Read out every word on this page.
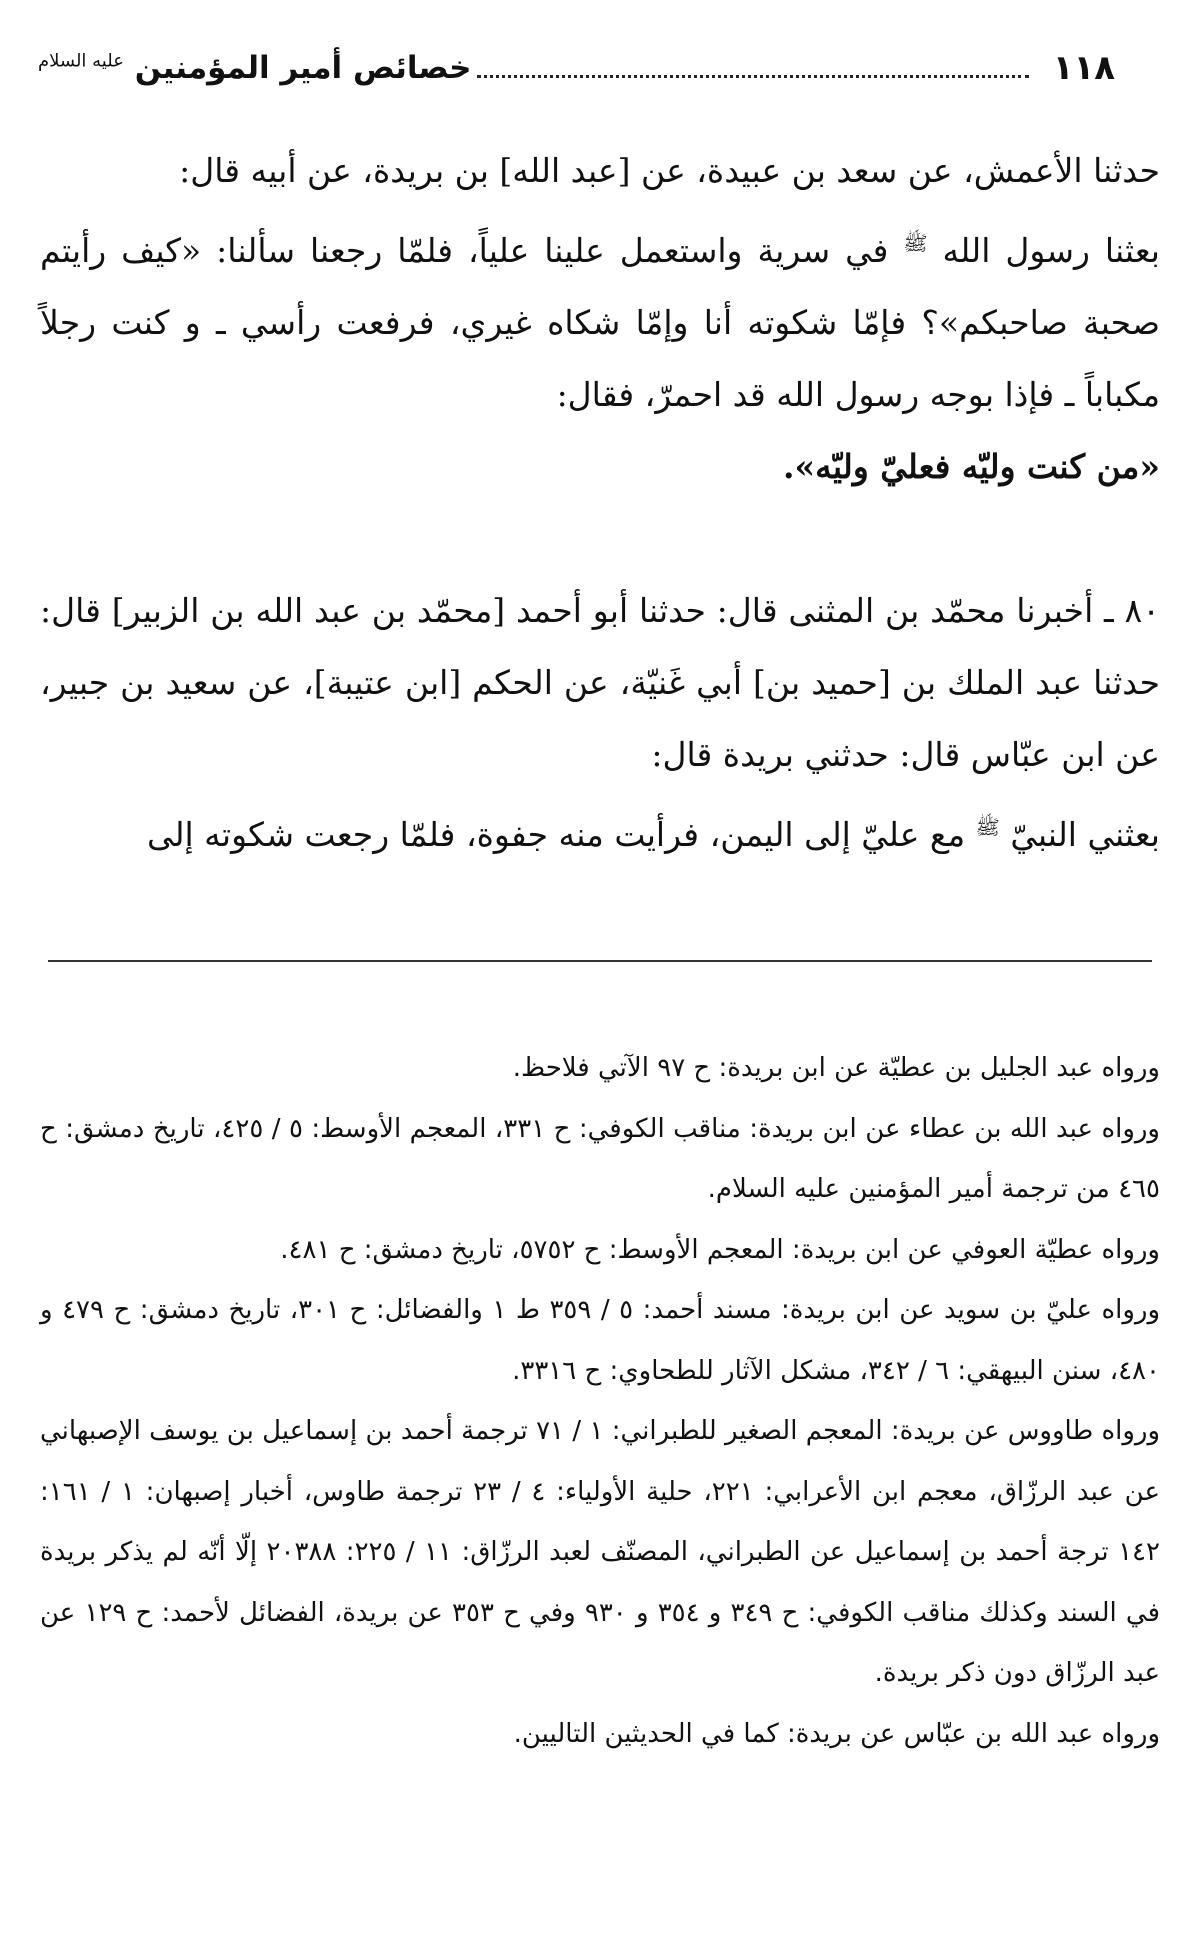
١١٨
خصائص أمير المؤمنين $^{عليه السلام}$

حدثنا الأعمش، عن سعد بن عبيدة، عن [عبد الله] بن بريدة، عن أبيه قال:

بعثنا رسول الله $^ﷺ$ في سرية واستعمل علينا علياً، فلمّا رجعنا سألنا: «كيف رأيتم صحبة صاحبكم»؟ فإمّا شكوته أنا وإمّا شكاه غيري، فرفعت رأسي ـ و كنت رجلاً مكباباً ـ فإذا بوجه رسول الله قد احمرّ، فقال:

«من كنت وليّه فعليّ وليّه».

٨٠ ـ أخبرنا محمّد بن المثنى قال: حدثنا أبو أحمد [محمّد بن عبد الله بن الزبير] قال: حدثنا عبد الملك بن [حميد بن] أبي غَنيّة، عن الحكم [ابن عتيبة]، عن سعيد بن جبير، عن ابن عبّاس قال: حدثني بريدة قال:

بعثني النبيّ $^ﷺ$ مع عليّ إلى اليمن، فرأيت منه جفوة، فلمّا رجعت شكوته إلى

ورواه عبد الجليل بن عطيّة عن ابن بريدة: ح ٩٧ الآتي فلاحظ.

ورواه عبد الله بن عطاء عن ابن بريدة: مناقب الكوفي: ح ٣٣١، المعجم الأوسط: ٥ / ٤٢٥، تاريخ دمشق: ح ٤٦٥ من ترجمة أمير المؤمنين عليه السلام.

ورواه عطيّة العوفي عن ابن بريدة: المعجم الأوسط: ح ٥٧٥٢، تاريخ دمشق: ح ٤٨١.

ورواه عليّ بن سويد عن ابن بريدة: مسند أحمد: ٥ / ٣٥٩ ط ١ والفضائل: ح ٣٠١، تاريخ دمشق: ح ٤٧٩ و ٤٨٠، سنن البيهقي: ٦ / ٣٤٢، مشكل الآثار للطحاوي: ح ٣٣١٦.

ورواه طاووس عن بريدة: المعجم الصغير للطبراني: ١ / ٧١ ترجمة أحمد بن إسماعيل بن يوسف الإصبهاني عن عبد الرزّاق، معجم ابن الأعرابي: ٢٢١، حلية الأولياء: ٤ / ٢٣ ترجمة طاوس، أخبار إصبهان: ١ / ١٦١: ١٤٢ ترجة أحمد بن إسماعيل عن الطبراني، المصنّف لعبد الرزّاق: ١١ / ٢٢٥: ٢٠٣٨٨ إلّا أنّه لم يذكر بريدة في السند وكذلك مناقب الكوفي: ح ٣٤٩ و ٣٥٤ و ٩٣٠ وفي ح ٣٥٣ عن بريدة، الفضائل لأحمد: ح ١٢٩ عن عبد الرزّاق دون ذكر بريدة.

ورواه عبد الله بن عبّاس عن بريدة: كما في الحديثين التاليين.
